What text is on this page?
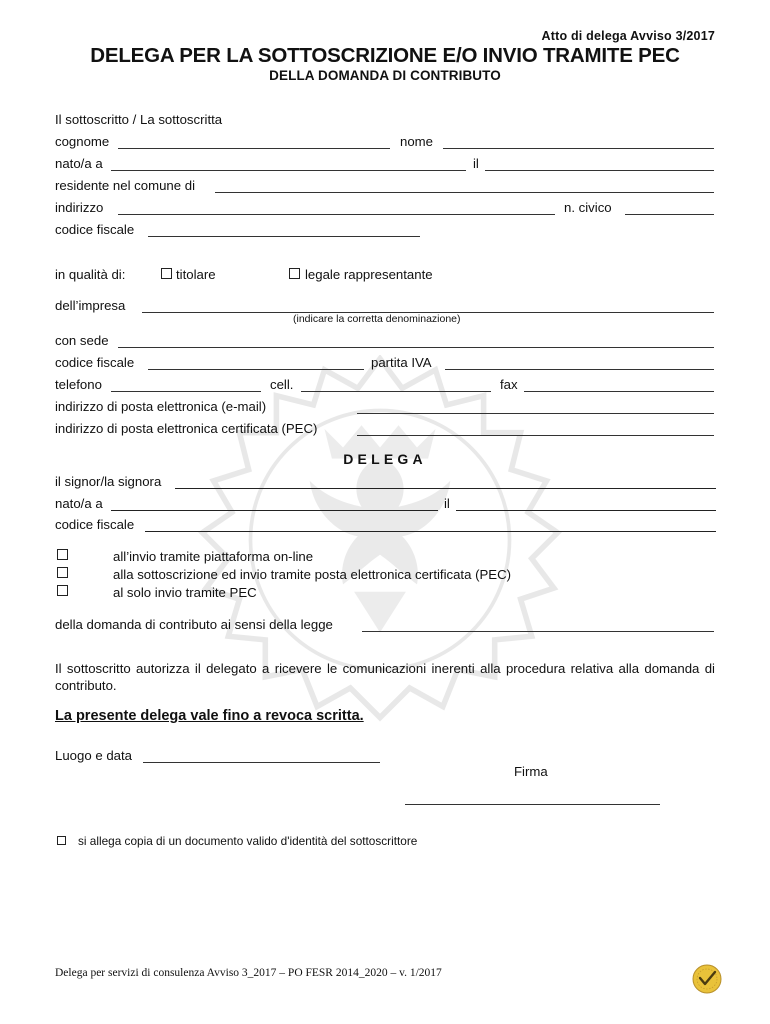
Atto di delega Avviso 3/2017
DELEGA PER LA SOTTOSCRIZIONE E/O INVIO TRAMITE PEC
DELLA DOMANDA DI CONTRIBUTO
Il sottoscritto / La sottoscritta
cognome	nome
nato/a a	il
residente nel comune di
indirizzo	n. civico
codice fiscale
in qualità di:	titolare	legale rappresentante
dell’impresa
(indicare la corretta denominazione)
con sede
codice fiscale	partita IVA
telefono	cell.	fax
indirizzo di posta elettronica (e-mail)
indirizzo di posta elettronica certificata (PEC)
DELEGA
il signor/la signora
nato/a a	il
codice fiscale
all’invio tramite piattaforma on-line
alla sottoscrizione ed invio tramite posta elettronica certificata (PEC)
al solo invio tramite PEC
della domanda di contributo ai sensi della legge
Il sottoscritto autorizza il delegato a ricevere le comunicazioni inerenti alla procedura relativa alla domanda di contributo.
La presente delega vale fino a revoca scritta.
Luogo e data
Firma
si allega copia di un documento valido d'identità del sottoscrittore
Delega per servizi di consulenza Avviso 3_2017 – PO FESR 2014_2020 – v. 1/2017
